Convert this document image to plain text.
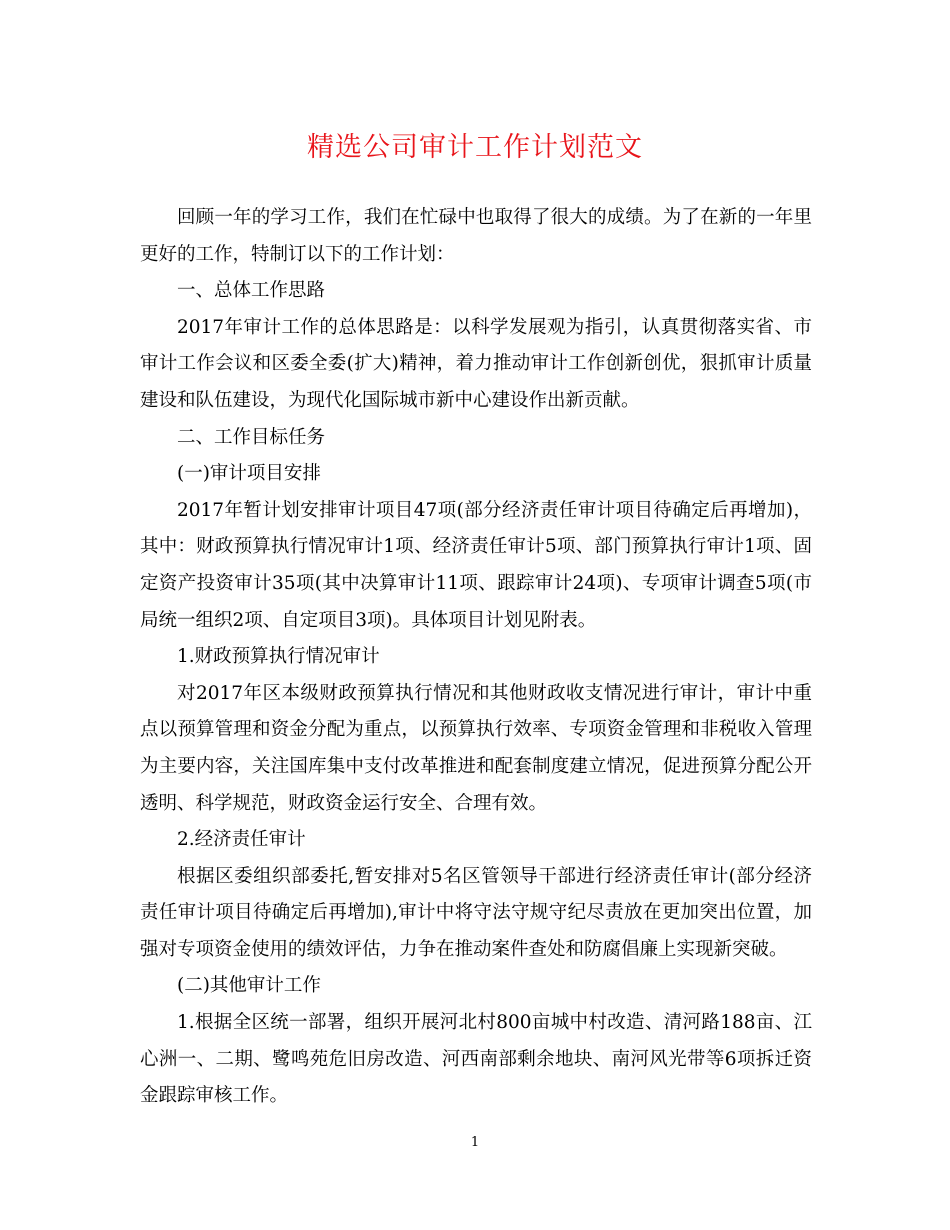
精选公司审计工作计划范文

回顾一年的学习工作，我们在忙碌中也取得了很大的成绩。为了在新的一年里更好的工作，特制订以下的工作计划：

一、总体工作思路

2017年审计工作的总体思路是：以科学发展观为指引，认真贯彻落实省、市审计工作会议和区委全委(扩大)精神，着力推动审计工作创新创优，狠抓审计质量建设和队伍建设，为现代化国际城市新中心建设作出新贡献。

二、工作目标任务

(一)审计项目安排

2017年暂计划安排审计项目47项(部分经济责任审计项目待确定后再增加)，其中：财政预算执行情况审计1项、经济责任审计5项、部门预算执行审计1项、固定资产投资审计35项(其中决算审计11项、跟踪审计24项)、专项审计调查5项(市局统一组织2项、自定项目3项)。具体项目计划见附表。

1.财政预算执行情况审计

对2017年区本级财政预算执行情况和其他财政收支情况进行审计，审计中重点以预算管理和资金分配为重点，以预算执行效率、专项资金管理和非税收入管理为主要内容，关注国库集中支付改革推进和配套制度建立情况，促进预算分配公开透明、科学规范，财政资金运行安全、合理有效。

2.经济责任审计

根据区委组织部委托,暂安排对5名区管领导干部进行经济责任审计(部分经济责任审计项目待确定后再增加),审计中将守法守规守纪尽责放在更加突出位置，加强对专项资金使用的绩效评估，力争在推动案件查处和防腐倡廉上实现新突破。

(二)其他审计工作

1.根据全区统一部署，组织开展河北村800亩城中村改造、清河路188亩、江心洲一、二期、鹭鸣苑危旧房改造、河西南部剩余地块、南河风光带等6项拆迁资金跟踪审核工作。

1
